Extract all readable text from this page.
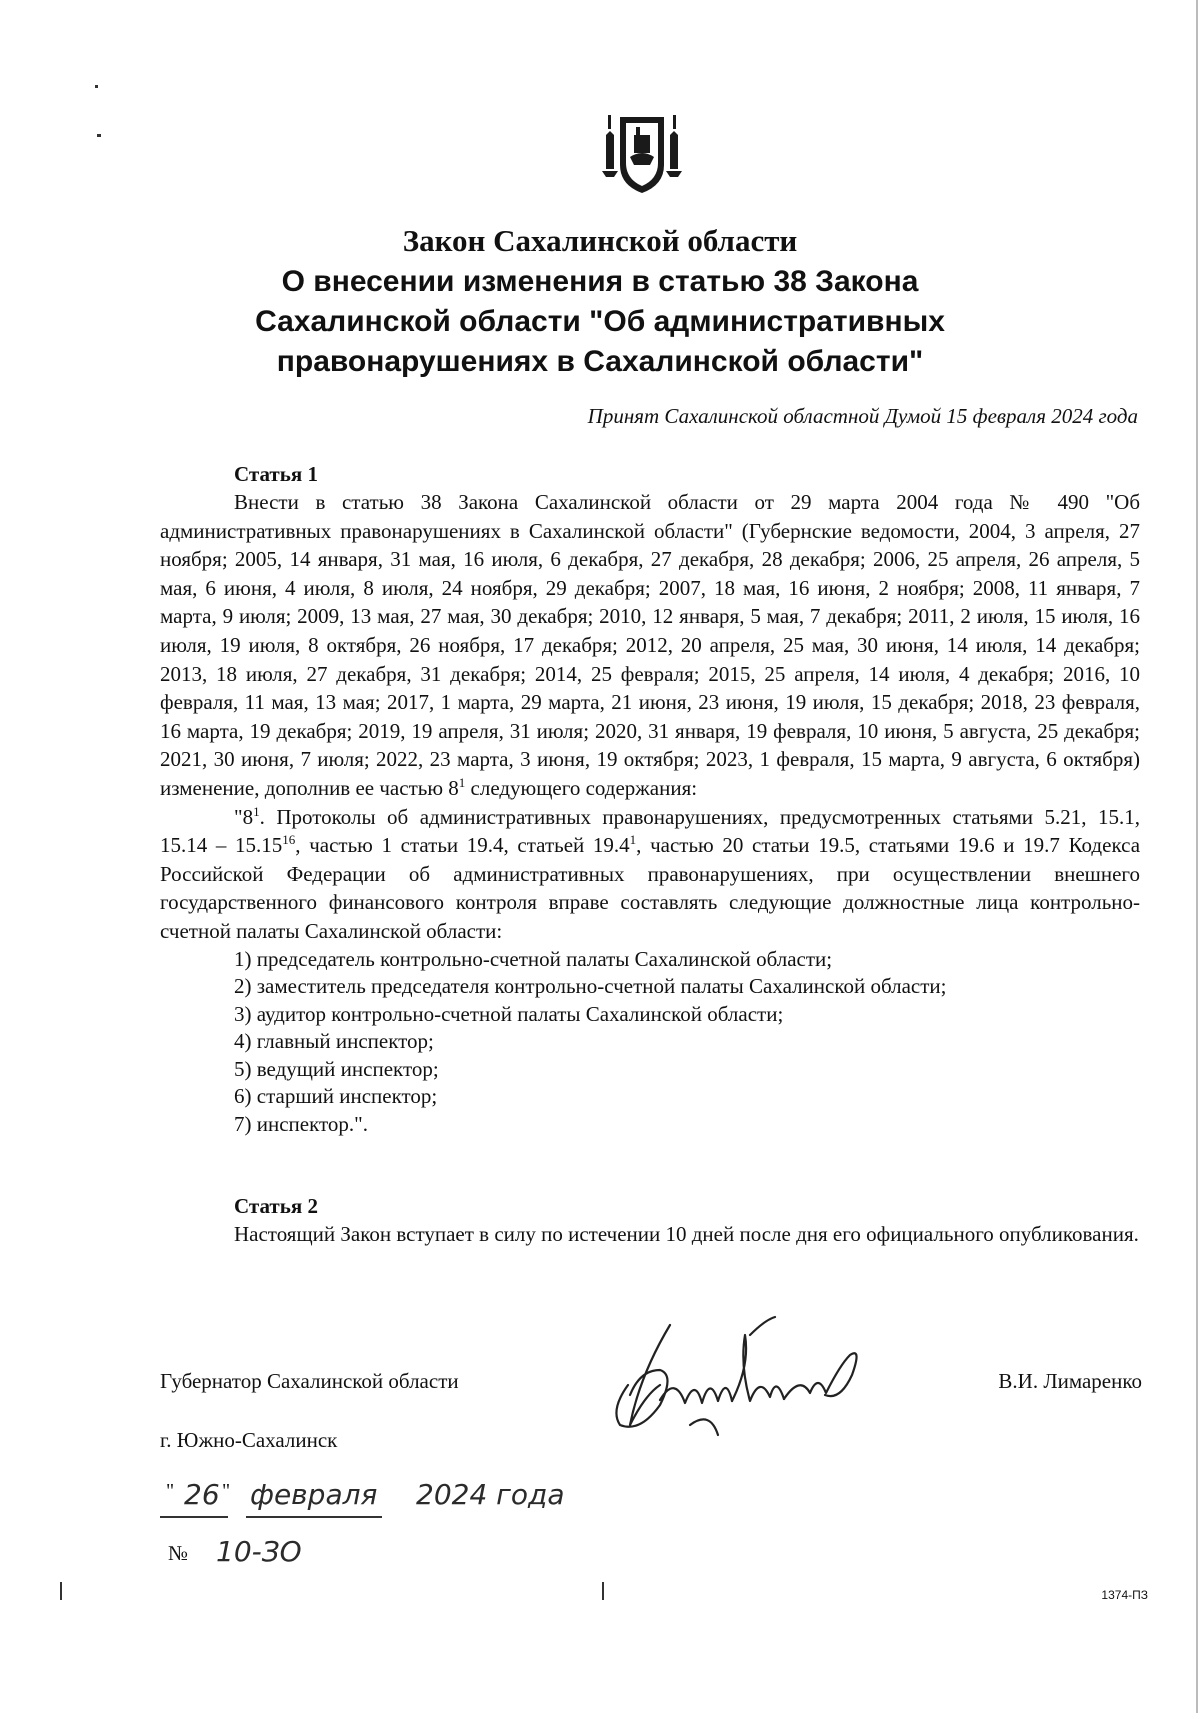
Закон Сахалинской области
О внесении изменения в статью 38 Закона
Сахалинской области "Об административных
правонарушениях в Сахалинской области"
Принят Сахалинской областной Думой 15 февраля 2024 года
Статья 1

Внести в статью 38 Закона Сахалинской области от 29 марта 2004 года № 490 "Об административных правонарушениях в Сахалинской области" (Губернские ведомости, 2004, 3 апреля, 27 ноября; 2005, 14 января, 31 мая, 16 июля, 6 декабря, 27 декабря, 28 декабря; 2006, 25 апреля, 26 апреля, 5 мая, 6 июня, 4 июля, 8 июля, 24 ноября, 29 декабря; 2007, 18 мая, 16 июня, 2 ноября; 2008, 11 января, 7 марта, 9 июля; 2009, 13 мая, 27 мая, 30 декабря; 2010, 12 января, 5 мая, 7 декабря; 2011, 2 июля, 15 июля, 16 июля, 19 июля, 8 октября, 26 ноября, 17 декабря; 2012, 20 апреля, 25 мая, 30 июня, 14 июля, 14 декабря; 2013, 18 июля, 27 декабря, 31 декабря; 2014, 25 февраля; 2015, 25 апреля, 14 июля, 4 декабря; 2016, 10 февраля, 11 мая, 13 мая; 2017, 1 марта, 29 марта, 21 июня, 23 июня, 19 июля, 15 декабря; 2018, 23 февраля, 16 марта, 19 декабря; 2019, 19 апреля, 31 июля; 2020, 31 января, 19 февраля, 10 июня, 5 августа, 25 декабря; 2021, 30 июня, 7 июля; 2022, 23 марта, 3 июня, 19 октября; 2023, 1 февраля, 15 марта, 9 августа, 6 октября) изменение, дополнив ее частью $8^1$ следующего содержания:

"$8^1$. Протоколы об административных правонарушениях, предусмотренных статьями 5.21, 15.1, 15.14 – 15.15$^{16}$, частью 1 статьи 19.4, статьей 19.4$^1$, частью 20 статьи 19.5, статьями 19.6 и 19.7 Кодекса Российской Федерации об административных правонарушениях, при осуществлении внешнего государственного финансового контроля вправе составлять следующие должностные лица контрольно-счетной палаты Сахалинской области:

1) председатель контрольно-счетной палаты Сахалинской области;
2) заместитель председателя контрольно-счетной палаты Сахалинской области;
3) аудитор контрольно-счетной палаты Сахалинской области;
4) главный инспектор;
5) ведущий инспектор;
6) старший инспектор;
7) инспектор.".
Статья 2

Настоящий Закон вступает в силу по истечении 10 дней после дня его официального опубликования.

Губернатор Сахалинской области	В.И. Лимаренко
г. Южно-Сахалинск
" 26 " февраля 2024 года
№ 10-ЗО
1374-ПЗ
